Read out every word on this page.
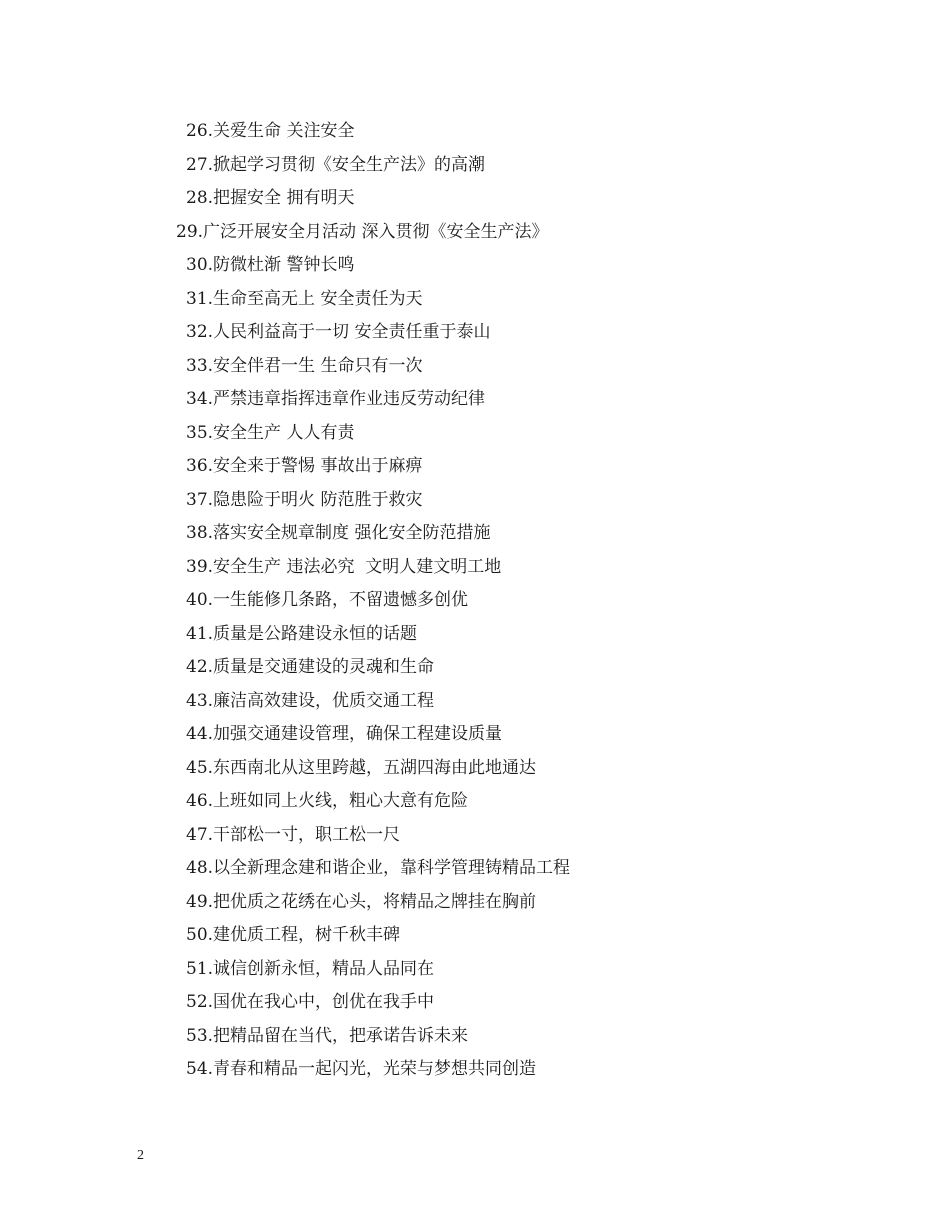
26.关爱生命 关注安全
27.掀起学习贯彻《安全生产法》的高潮
28.把握安全 拥有明天
29.广泛开展安全月活动 深入贯彻《安全生产法》
30.防微杜渐 警钟长鸣
31.生命至高无上 安全责任为天
32.人民利益高于一切 安全责任重于泰山
33.安全伴君一生 生命只有一次
34.严禁违章指挥违章作业违反劳动纪律
35.安全生产 人人有责
36.安全来于警惕 事故出于麻痹
37.隐患险于明火 防范胜于救灾
38.落实安全规章制度 强化安全防范措施
39.安全生产 违法必究  文明人建文明工地
40.一生能修几条路，不留遗憾多创优
41.质量是公路建设永恒的话题
42.质量是交通建设的灵魂和生命
43.廉洁高效建设，优质交通工程
44.加强交通建设管理，确保工程建设质量
45.东西南北从这里跨越，五湖四海由此地通达
46.上班如同上火线，粗心大意有危险
47.干部松一寸，职工松一尺
48.以全新理念建和谐企业，靠科学管理铸精品工程
49.把优质之花绣在心头，将精品之牌挂在胸前
50.建优质工程，树千秋丰碑
51.诚信创新永恒，精品人品同在
52.国优在我心中，创优在我手中
53.把精品留在当代，把承诺告诉未来
54.青春和精品一起闪光，光荣与梦想共同创造
2
